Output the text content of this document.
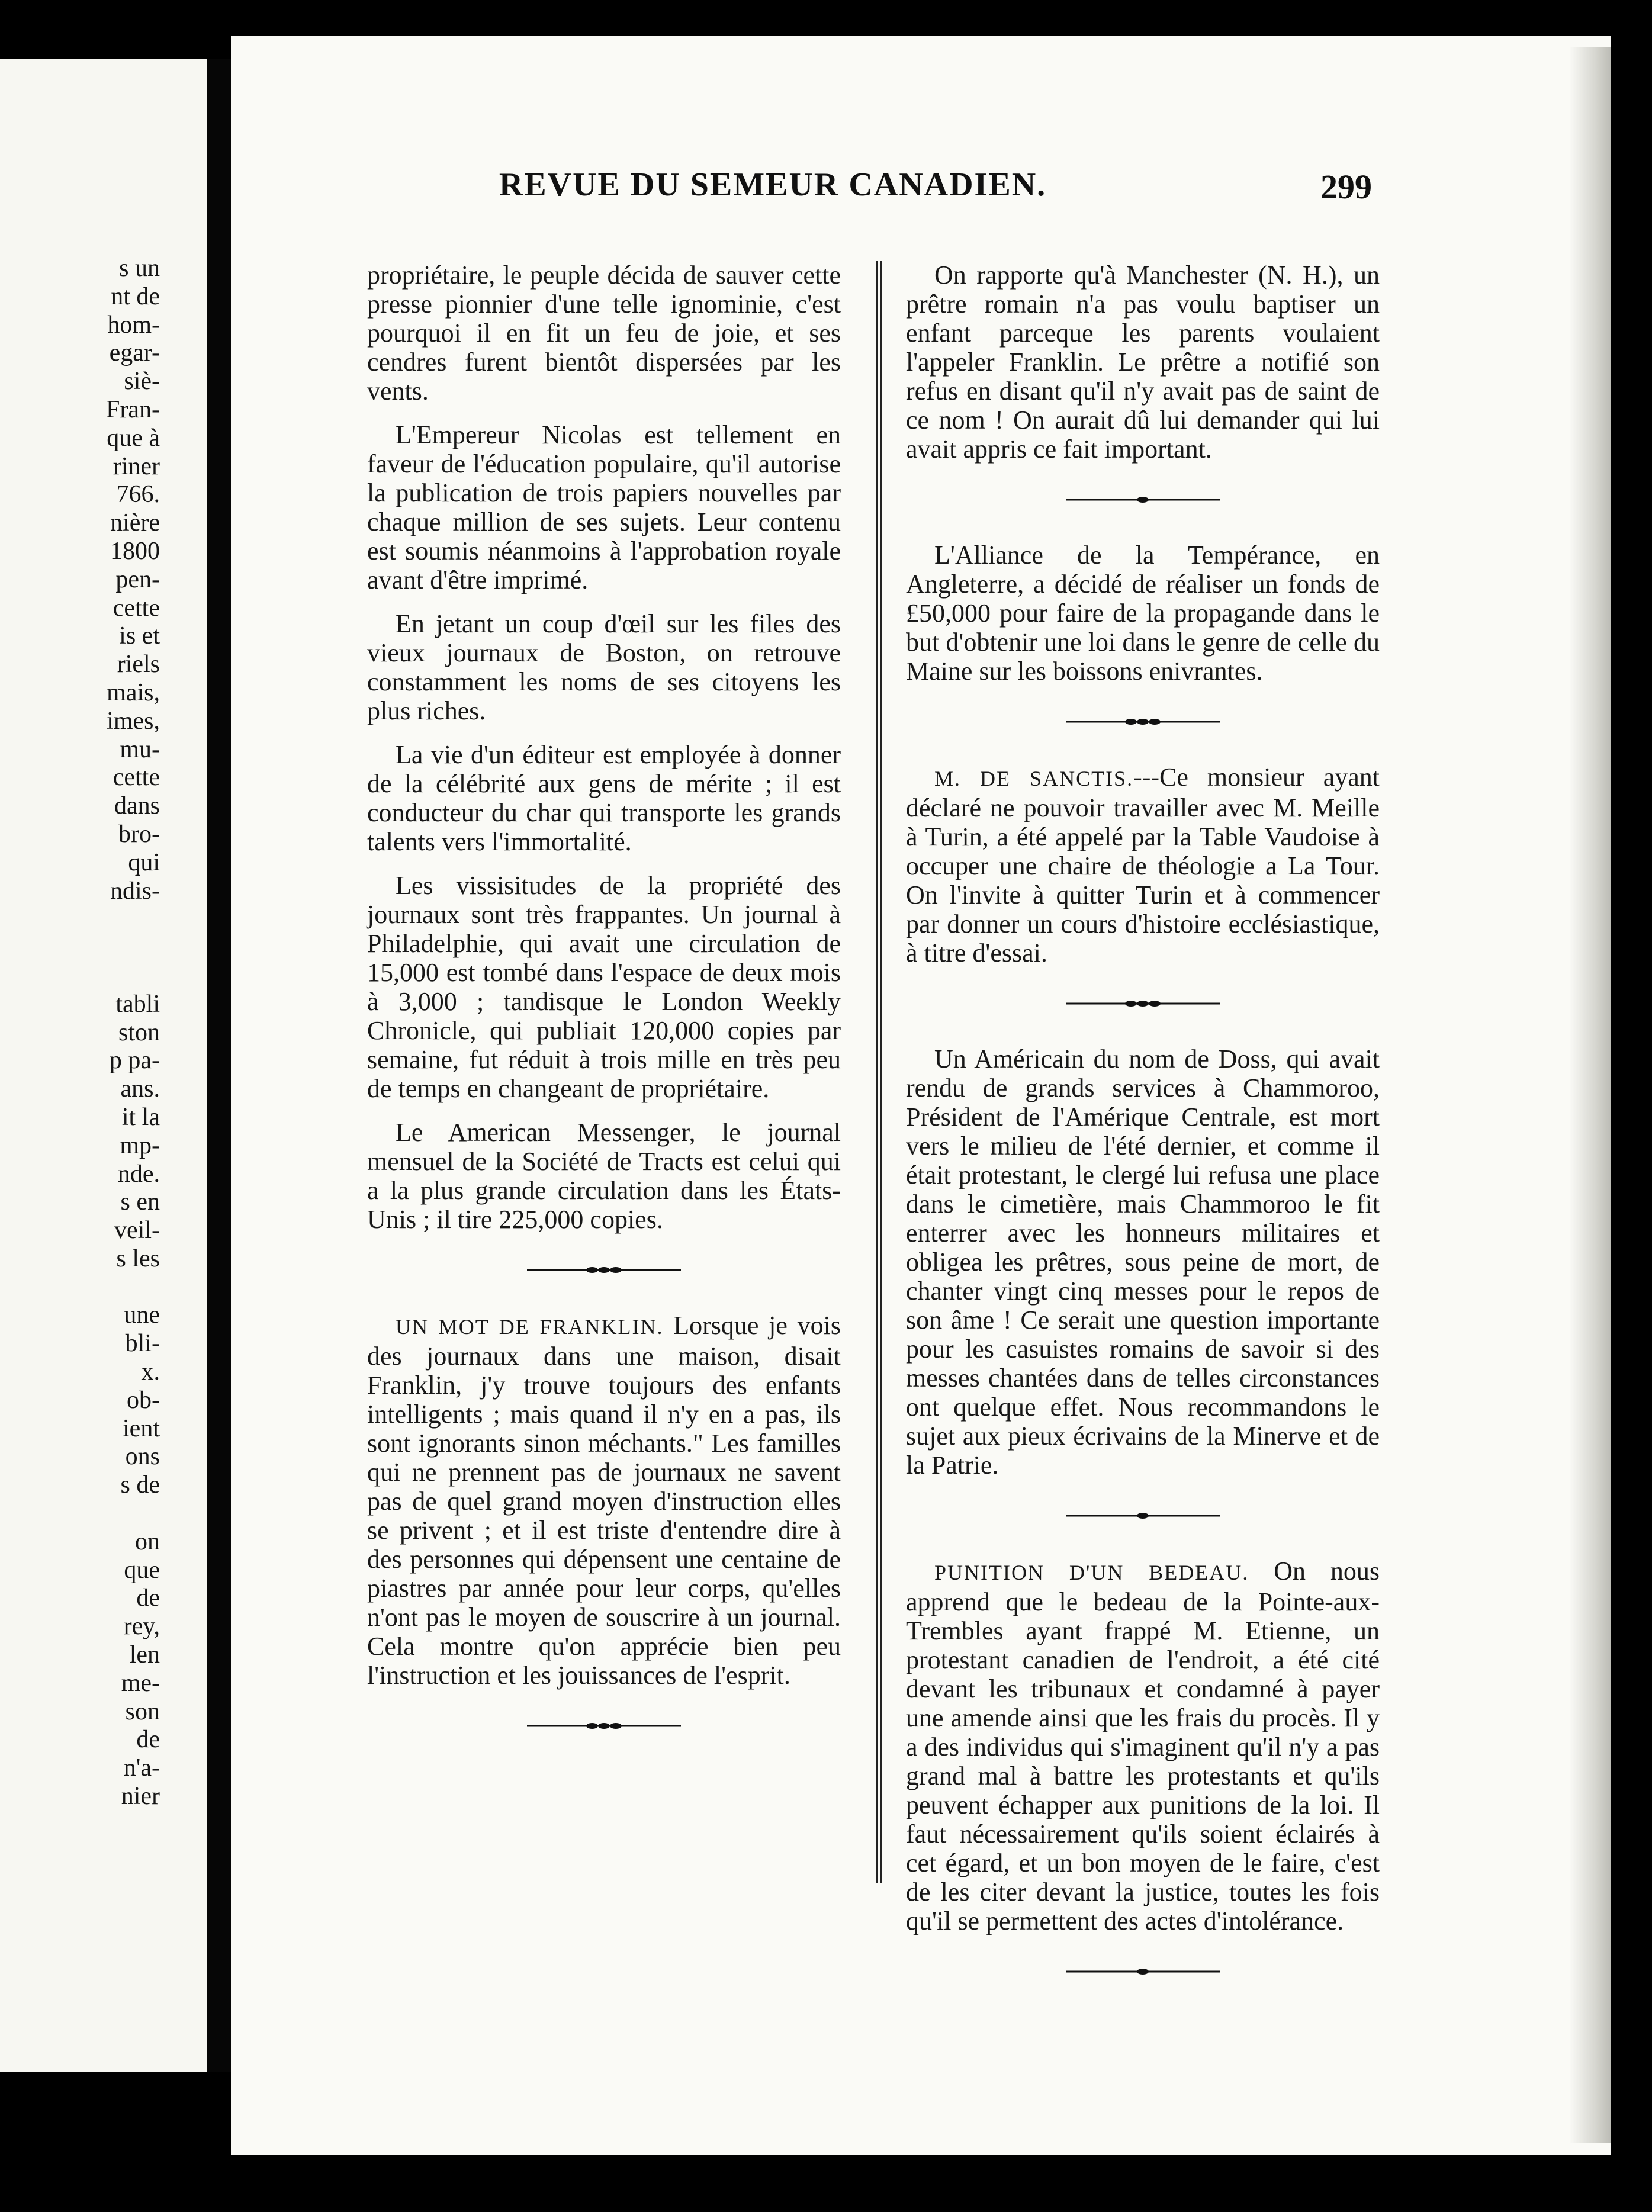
s un
nt de
hom-
egar-
siè-
Fran-
que à
riner
766.
nière
1800
pen-
cette
is et
riels
mais,
imes,
mu-
cette
dans
bro-
qui
ndis-

tabli
ston
p pa-
ans.
it la
mp-
nde.
s en
veil-
s les

une
bli-
x.
ob-
ient
ons
s de

on
que
de
rey,
len
me-
son
de
n'a-
nier
REVUE DU SEMEUR CANADIEN.	299

propriétaire, le peuple décida de sauver cette presse pionnier d'une telle ignominie, c'est pourquoi il en fit un feu de joie, et ses cendres furent bientôt dispersées par les vents.

L'Empereur Nicolas est tellement en faveur de l'éducation populaire, qu'il autorise la publication de trois papiers nouvelles par chaque million de ses sujets. Leur contenu est soumis néanmoins à l'approbation royale avant d'être imprimé.

En jetant un coup d'œil sur les files des vieux journaux de Boston, on retrouve constamment les noms de ses citoyens les plus riches.

La vie d'un éditeur est employée à donner de la célébrité aux gens de mérite ; il est conducteur du char qui transporte les grands talents vers l'immortalité.

Les vissisitudes de la propriété des journaux sont très frappantes. Un journal à Philadelphie, qui avait une circulation de 15,000 est tombé dans l'espace de deux mois à 3,000 ; tandisque le London Weekly Chronicle, qui publiait 120,000 copies par semaine, fut réduit à trois mille en très peu de temps en changeant de propriétaire.

Le American Messenger, le journal mensuel de la Société de Tracts est celui qui a la plus grande circulation dans les États-Unis ; il tire 225,000 copies.

UN MOT DE FRANKLIN. Lorsque je vois des journaux dans une maison, disait Franklin, j'y trouve toujours des enfants intelligents ; mais quand il n'y en a pas, ils sont ignorants sinon méchants." Les familles qui ne prennent pas de journaux ne savent pas de quel grand moyen d'instruction elles se privent ; et il est triste d'entendre dire à des personnes qui dépensent une centaine de piastres par année pour leur corps, qu'elles n'ont pas le moyen de souscrire à un journal. Cela montre qu'on apprécie bien peu l'instruction et les jouissances de l'esprit.

On rapporte qu'à Manchester (N. H.), un prêtre romain n'a pas voulu baptiser un enfant parceque les parents voulaient l'appeler Franklin. Le prêtre a notifié son refus en disant qu'il n'y avait pas de saint de ce nom ! On aurait dû lui demander qui lui avait appris ce fait important.

L'Alliance de la Tempérance, en Angleterre, a décidé de réaliser un fonds de £50,000 pour faire de la propagande dans le but d'obtenir une loi dans le genre de celle du Maine sur les boissons enivrantes.

M. DE SANCTIS.---Ce monsieur ayant déclaré ne pouvoir travailler avec M. Meille à Turin, a été appelé par la Table Vaudoise à occuper une chaire de théologie a La Tour. On l'invite à quitter Turin et à commencer par donner un cours d'histoire ecclésiastique, à titre d'essai.

Un Américain du nom de Doss, qui avait rendu de grands services à Chammoroo, Président de l'Amérique Centrale, est mort vers le milieu de l'été dernier, et comme il était protestant, le clergé lui refusa une place dans le cimetière, mais Chammoroo le fit enterrer avec les honneurs militaires et obligea les prêtres, sous peine de mort, de chanter vingt cinq messes pour le repos de son âme ! Ce serait une question importante pour les casuistes romains de savoir si des messes chantées dans de telles circonstances ont quelque effet. Nous recommandons le sujet aux pieux écrivains de la Minerve et de la Patrie.

PUNITION D'UN BEDEAU. On nous apprend que le bedeau de la Pointe-aux-Trembles ayant frappé M. Etienne, un protestant canadien de l'endroit, a été cité devant les tribunaux et condamné à payer une amende ainsi que les frais du procès. Il y a des individus qui s'imaginent qu'il n'y a pas grand mal à battre les protestants et qu'ils peuvent échapper aux punitions de la loi. Il faut nécessairement qu'ils soient éclairés à cet égard, et un bon moyen de le faire, c'est de les citer devant la justice, toutes les fois qu'il se permettent des actes d'intolérance.
